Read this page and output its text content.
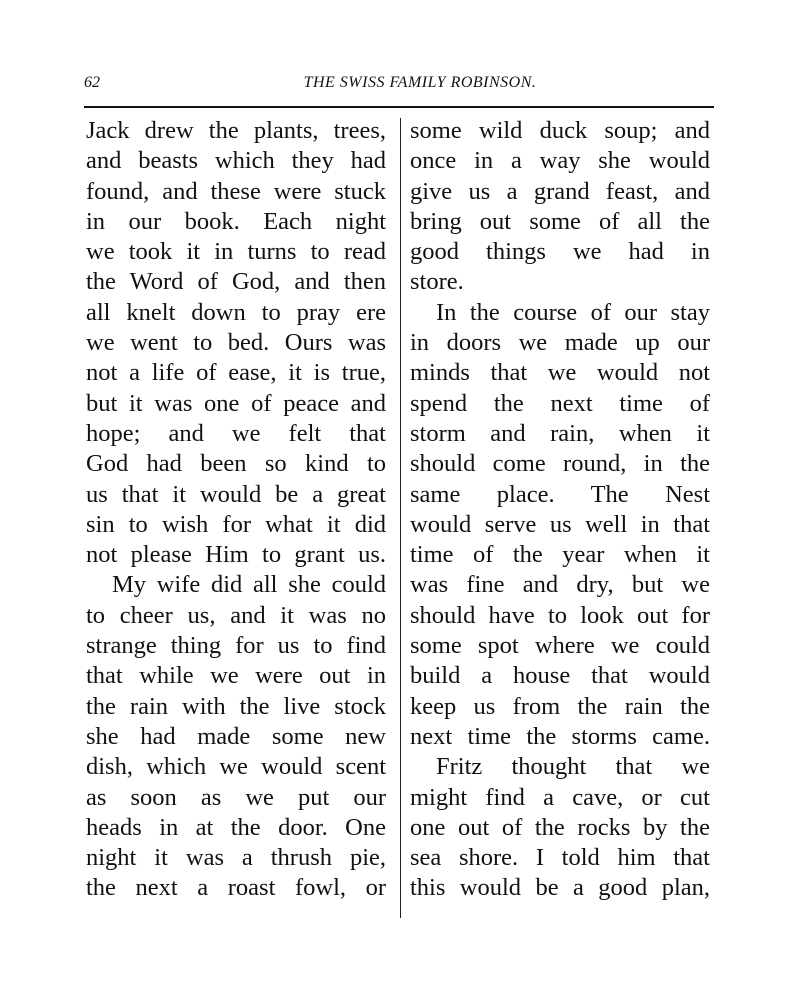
62	THE SWISS FAMILY ROBINSON.
Jack drew the plants, trees,
and beasts which they had
found, and these were stuck
in our book. Each night
we took it in turns to read
the Word of God, and then
all knelt down to pray ere
we went to bed. Ours was
not a life of ease, it is true,
but it was one of peace and
hope; and we felt that
God had been so kind to
us that it would be a great
sin to wish for what it did
not please Him to grant us.
My wife did all she could
to cheer us, and it was no
strange thing for us to find
that while we were out in
the rain with the live stock
she had made some new
dish, which we would scent
as soon as we put our
heads in at the door. One
night it was a thrush pie,
the next a roast fowl, or
some wild duck soup; and
once in a way she would
give us a grand feast, and
bring out some of all the
good things we had in
store.
In the course of our stay
in doors we made up our
minds that we would not
spend the next time of
storm and rain, when it
should come round, in the
same place. The Nest
would serve us well in that
time of the year when it
was fine and dry, but we
should have to look out for
some spot where we could
build a house that would
keep us from the rain the
next time the storms came.
Fritz thought that we
might find a cave, or cut
one out of the rocks by the
sea shore. I told him that
this would be a good plan,
